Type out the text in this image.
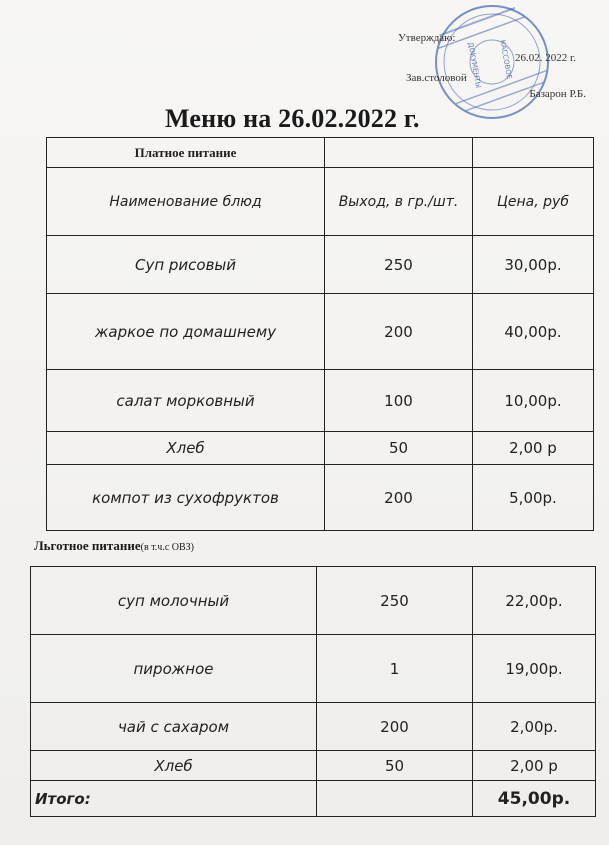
КАССОВОЕ
ДОКУМЕНТЫ
Утверждаю:
26.02. 2022 г.
Зав.столовой
Базарон Р.Б.
Меню на 26.02.2022 г.
Платное питание		
Наименование блюд	Выход, в гр./шт.	Цена, руб
Суп рисовый	250	30,00р.
жаркое по домашнему	200	40,00р.
салат морковный	100	10,00р.
Хлеб	50	2,00 р
компот из сухофруктов	200	5,00р.
Льготное питание(в т.ч.с ОВЗ)
суп молочный	250	22,00р.
пирожное	1	19,00р.
чай с сахаром	200	2,00р.
Хлеб	50	2,00 р
Итого:		45,00р.
